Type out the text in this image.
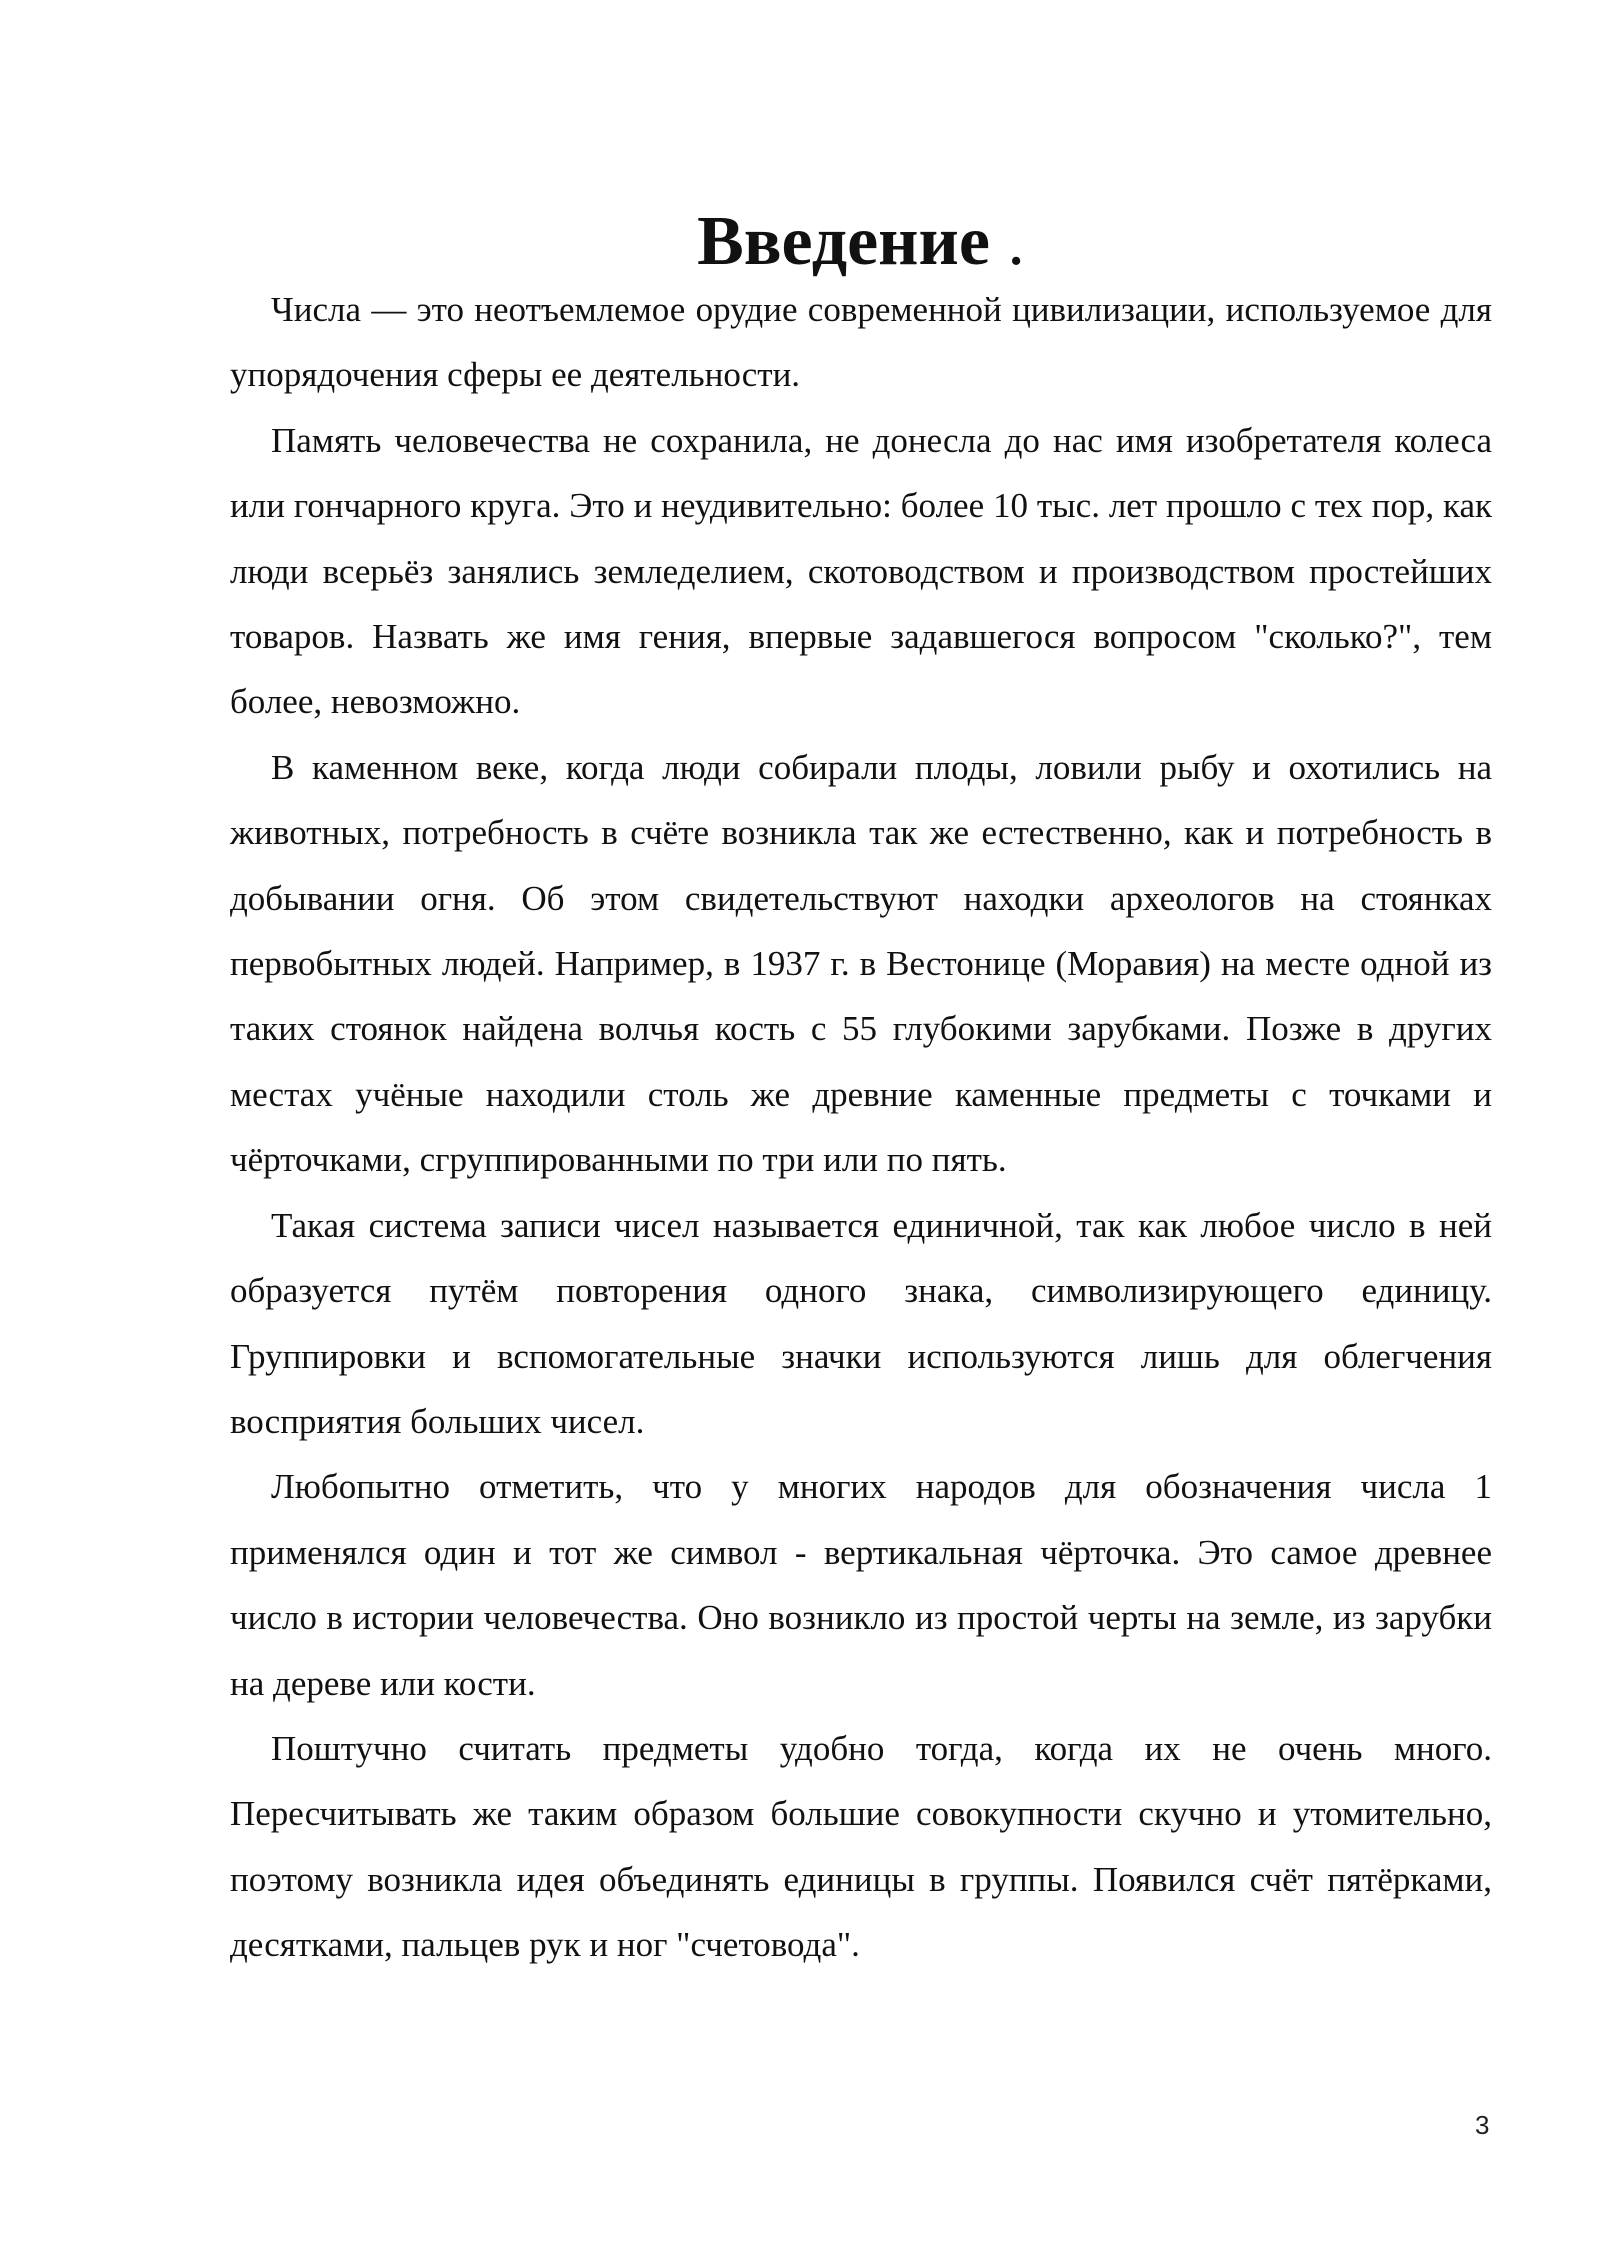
Введение .

Числа — это неотъемлемое орудие современной цивилизации, используемое для упорядочения сферы ее деятельности.

Память человечества не сохранила, не донесла до нас имя изобретателя колеса или гончарного круга. Это и неудивительно: более 10 тыс. лет прошло с тех пор, как люди всерьёз занялись земледелием, скотоводством и производством простейших товаров. Назвать же имя гения, впервые задавшегося вопросом "сколько?", тем более, невозможно.

В каменном веке, когда люди собирали плоды, ловили рыбу и охотились на животных, потребность в счёте возникла так же естественно, как и потребность в добывании огня. Об этом свидетельствуют находки археологов на стоянках первобытных людей. Например, в 1937 г. в Вестонице (Моравия) на месте одной из таких стоянок найдена волчья кость с 55 глубокими зарубками. Позже в других местах учёные находили столь же древние каменные предметы с точками и чёрточками, сгруппированными по три или по пять.

Такая система записи чисел называется единичной, так как любое число в ней образуется путём повторения одного знака, символизирующего единицу. Группировки и вспомогательные значки используются лишь для облегчения восприятия больших чисел.

Любопытно отметить, что у многих народов для обозначения числа 1 применялся один и тот же символ - вертикальная чёрточка. Это самое древнее число в истории человечества. Оно возникло из простой черты на земле, из зарубки на дереве или кости.

Поштучно считать предметы удобно тогда, когда их не очень много. Пересчитывать же таким образом большие совокупности скучно и утомительно, поэтому возникла идея объединять единицы в группы. Появился счёт пятёрками, десятками, пальцев рук и ног "счетовода".

3
